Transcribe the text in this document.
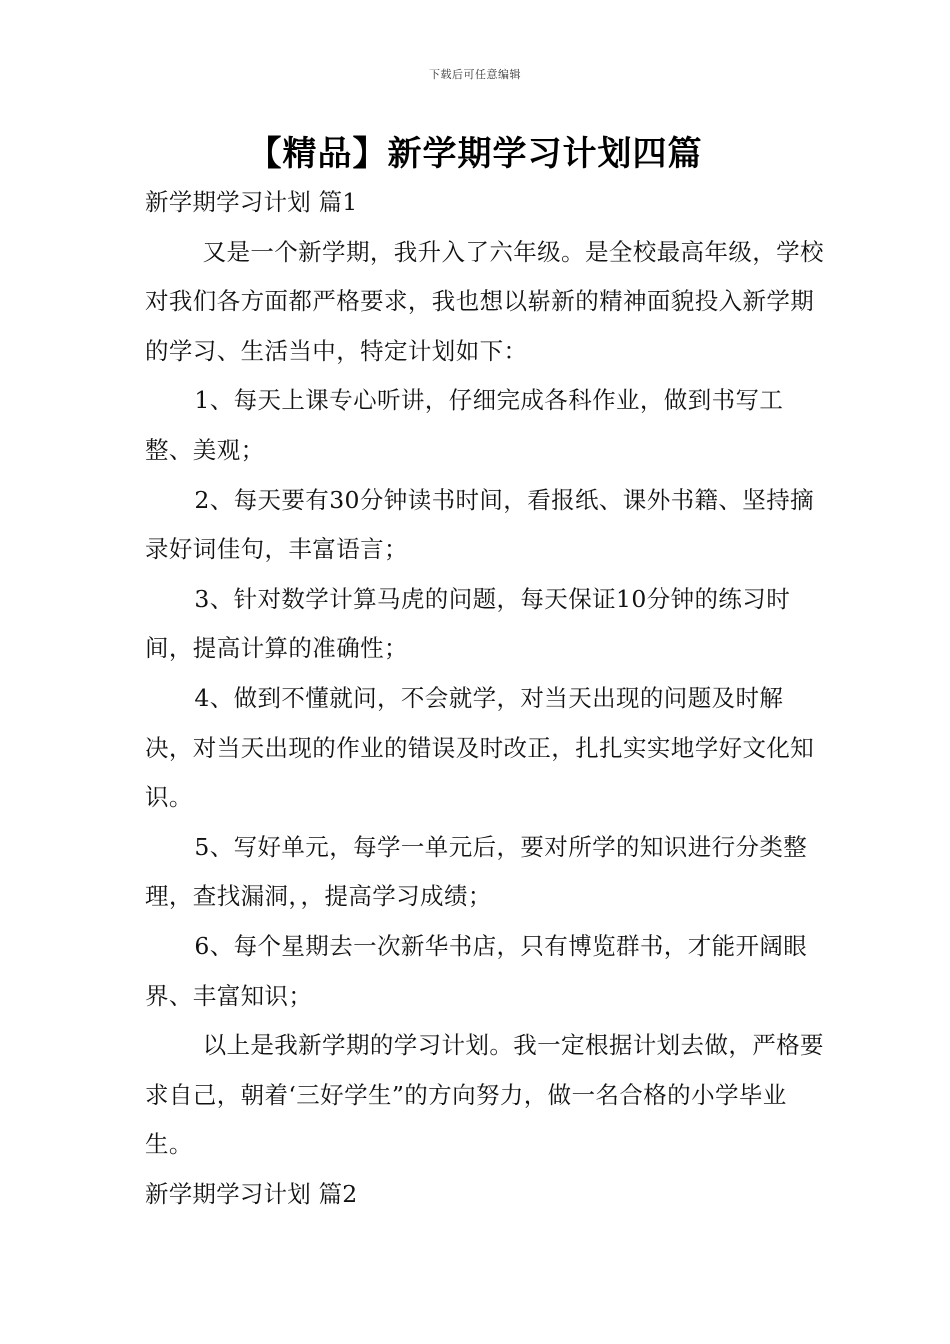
下载后可任意编辑
【精品】新学期学习计划四篇

新学期学习计划 篇1

又是一个新学期，我升入了六年级。是全校最高年级，学校对我们各方面都严格要求，我也想以崭新的精神面貌投入新学期的学习、生活当中，特定计划如下：

1、每天上课专心听讲，仔细完成各科作业，做到书写工整、美观；

2、每天要有30分钟读书时间，看报纸、课外书籍、坚持摘录好词佳句，丰富语言；

3、针对数学计算马虎的问题，每天保证10分钟的练习时间，提高计算的准确性；

4、做到不懂就问，不会就学，对当天出现的问题及时解决，对当天出现的作业的错误及时改正，扎扎实实地学好文化知识。

5、写好单元，每学一单元后，要对所学的知识进行分类整理，查找漏洞，，提高学习成绩；

6、每个星期去一次新华书店，只有博览群书，才能开阔眼界、丰富知识；

以上是我新学期的学习计划。我一定根据计划去做，严格要求自己，朝着‘三好学生”的方向努力，做一名合格的小学毕业生。

新学期学习计划 篇2
